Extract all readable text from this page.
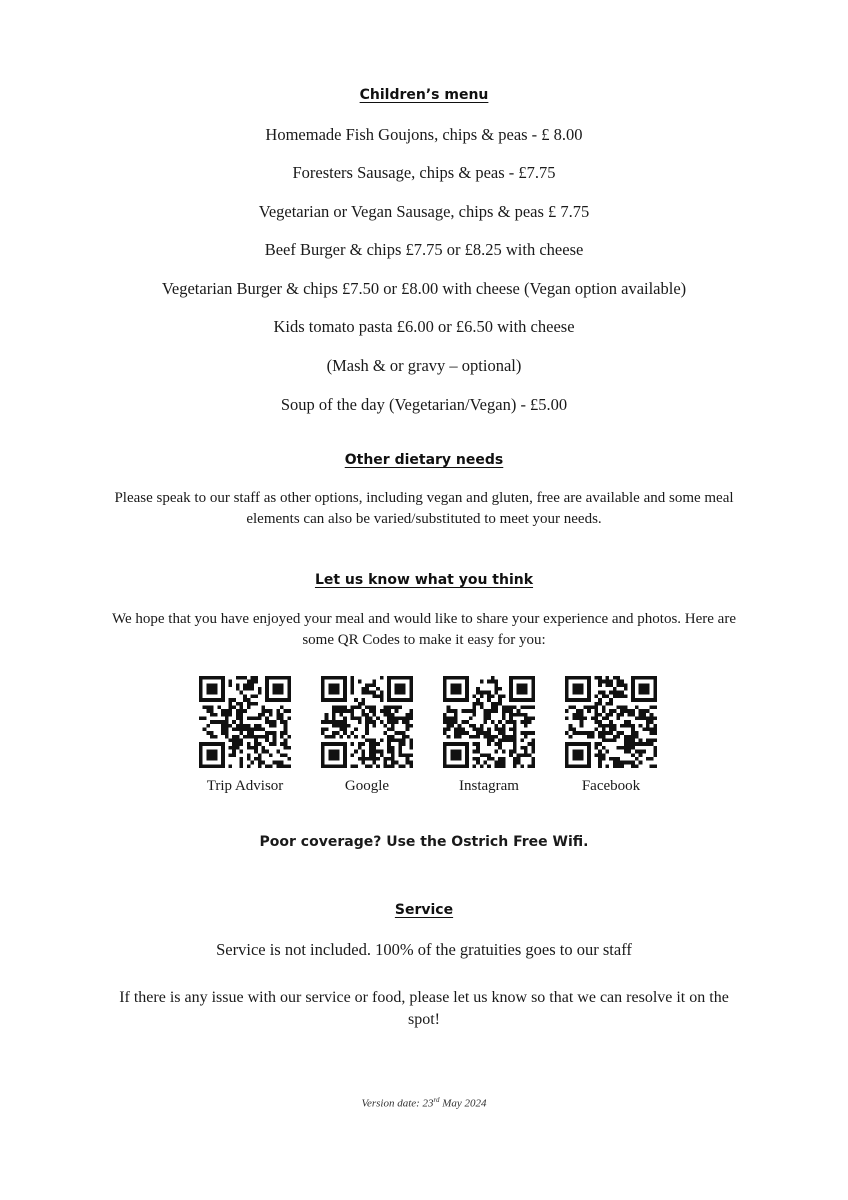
Children’s menu
Homemade Fish Goujons, chips & peas - £ 8.00
Foresters Sausage, chips & peas - £7.75
Vegetarian or Vegan Sausage, chips & peas £ 7.75
Beef Burger & chips £7.75 or £8.25 with cheese
Vegetarian Burger & chips £7.50 or £8.00 with cheese (Vegan option available)
Kids tomato pasta £6.00 or £6.50 with cheese
(Mash & or gravy – optional)
Soup of the day (Vegetarian/Vegan) - £5.00
Other dietary needs
Please speak to our staff as other options, including vegan and gluten, free are available and some meal elements can also be varied/substituted to meet your needs.
Let us know what you think
We hope that you have enjoyed your meal and would like to share your experience and photos. Here are some QR Codes to make it easy for you:
Trip Advisor	Google	Instagram	Facebook
Poor coverage? Use the Ostrich Free Wifi.
Service
Service is not included. 100% of the gratuities goes to our staff
If there is any issue with our service or food, please let us know so that we can resolve it on the spot!
Version date: 23rd May 2024
